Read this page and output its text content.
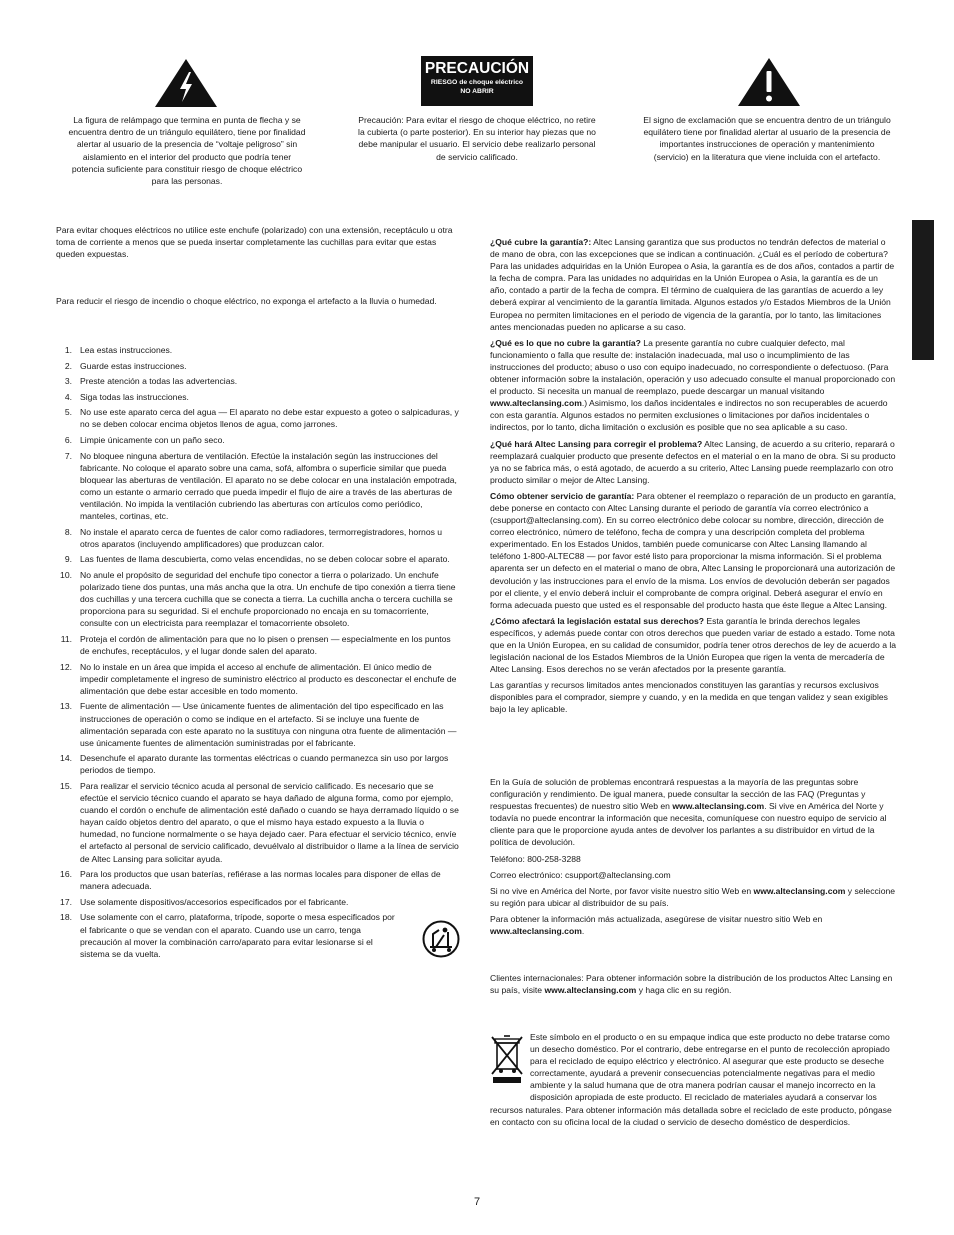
La figura de relámpago que termina en punta de flecha y se encuentra dentro de un triángulo equilátero, tiene por finalidad alertar al usuario de la presencia de “voltaje peligroso” sin aislamiento en el interior del producto que podría tener potencia suficiente para constituir riesgo de choque eléctrico para las personas.
PRECAUCIÓN
RIESGO de choque eléctrico
NO ABRIR
Precaución: Para evitar el riesgo de choque eléctrico, no retire la cubierta (o parte posterior). En su interior hay piezas que no debe manipular el usuario. El servicio debe realizarlo personal de servicio calificado.
El signo de exclamación que se encuentra dentro de un triángulo equilátero tiene por finalidad alertar al usuario de la presencia de importantes instrucciones de operación y mantenimiento (servicio) en la literatura que viene incluida con el artefacto.
Para evitar choques eléctricos no utilice este enchufe (polarizado) con una extensión, receptáculo u otra toma de corriente a menos que se pueda insertar completamente las cuchillas para evitar que estas queden expuestas.
Para reducir el riesgo de incendio o choque eléctrico, no exponga el artefacto a la lluvia o humedad.
1. Lea estas instrucciones.
2. Guarde estas instrucciones.
3. Preste atención a todas las advertencias.
4. Siga todas las instrucciones.
5. No use este aparato cerca del agua — El aparato no debe estar expuesto a goteo o salpicaduras, y no se deben colocar encima objetos llenos de agua, como jarrones.
6. Limpie únicamente con un paño seco.
7. No bloquee ninguna abertura de ventilación. Efectúe la instalación según las instrucciones del fabricante. No coloque el aparato sobre una cama, sofá, alfombra o superficie similar que pueda bloquear las aberturas de ventilación. El aparato no se debe colocar en una instalación empotrada, como un estante o armario cerrado que pueda impedir el flujo de aire a través de las aberturas de ventilación. No impida la ventilación cubriendo las aberturas con artículos como periódico, manteles, cortinas, etc.
8. No instale el aparato cerca de fuentes de calor como radiadores, termorregistradores, hornos u otros aparatos (incluyendo amplificadores) que produzcan calor.
9. Las fuentes de llama descubierta, como velas encendidas, no se deben colocar sobre el aparato.
10. No anule el propósito de seguridad del enchufe tipo conector a tierra o polarizado. Un enchufe polarizado tiene dos puntas, una más ancha que la otra. Un enchufe de tipo conexión a tierra tiene dos cuchillas y una tercera cuchilla que se conecta a tierra. La cuchilla ancha o tercera cuchilla se proporciona para su seguridad. Si el enchufe proporcionado no encaja en su tomacorriente, consulte con un electricista para reemplazar el tomacorriente obsoleto.
11. Proteja el cordón de alimentación para que no lo pisen o prensen — especialmente en los puntos de enchufes, receptáculos, y el lugar donde salen del aparato.
12. No lo instale en un área que impida el acceso al enchufe de alimentación. El único medio de impedir completamente el ingreso de suministro eléctrico al producto es desconectar el enchufe de alimentación que debe estar accesible en todo momento.
13. Fuente de alimentación — Use únicamente fuentes de alimentación del tipo especificado en las instrucciones de operación o como se indique en el artefacto. Si se incluye una fuente de alimentación separada con este aparato no la sustituya con ninguna otra fuente de alimentación — use únicamente fuentes de alimentación suministradas por el fabricante.
14. Desenchufe el aparato durante las tormentas eléctricas o cuando permanezca sin uso por largos periodos de tiempo.
15. Para realizar el servicio técnico acuda al personal de servicio calificado. Es necesario que se efectúe el servicio técnico cuando el aparato se haya dañado de alguna forma, como por ejemplo, cuando el cordón o enchufe de alimentación esté dañado o cuando se haya derramado líquido o se hayan caído objetos dentro del aparato, o que el mismo haya estado expuesto a la lluvia o humedad, no funcione normalmente o se haya dejado caer. Para efectuar el servicio técnico, envíe el artefacto al personal de servicio calificado, devuélvalo al distribuidor o llame a la línea de servicio de Altec Lansing para solicitar ayuda.
16. Para los productos que usan baterías, refiérase a las normas locales para disponer de ellas de manera adecuada.
17. Use solamente dispositivos/accesorios especificados por el fabricante.
18. Use solamente con el carro, plataforma, trípode, soporte o mesa especificados por el fabricante o que se vendan con el aparato. Cuando use un carro, tenga precaución al mover la combinación carro/aparato para evitar lesionarse si el sistema se da vuelta.

¿Qué cubre la garantía?: Altec Lansing garantiza que sus productos no tendrán defectos de material o de mano de obra, con las excepciones que se indican a continuación. ¿Cuál es el período de cobertura? Para las unidades adquiridas en la Unión Europea o Asia, la garantía es de dos años, contados a partir de la fecha de compra. Para las unidades no adquiridas en la Unión Europea o Asia, la garantía es de un año, contado a partir de la fecha de compra. El término de cualquiera de las garantías de acuerdo a ley deberá expirar al vencimiento de la garantía limitada. Algunos estados y/o Estados Miembros de la Unión Europea no permiten limitaciones en el periodo de vigencia de la garantía, por lo tanto, las limitaciones antes mencionadas pueden no aplicarse a su caso.

¿Qué es lo que no cubre la garantía? La presente garantía no cubre cualquier defecto, mal funcionamiento o falla que resulte de: instalación inadecuada, mal uso o incumplimiento de las instrucciones del producto; abuso o uso con equipo inadecuado, no correspondiente o defectuoso. (Para obtener información sobre la instalación, operación y uso adecuado consulte el manual proporcionado con el producto. Si necesita un manual de reemplazo, puede descargar un manual visitando www.alteclansing.com.) Asimismo, los daños incidentales e indirectos no son recuperables de acuerdo con esta garantía. Algunos estados no permiten exclusiones o limitaciones por daños incidentales o indirectos, por lo tanto, dicha limitación o exclusión es posible que no sea aplicable a su caso.

¿Qué hará Altec Lansing para corregir el problema? Altec Lansing, de acuerdo a su criterio, reparará o reemplazará cualquier producto que presente defectos en el material o en la mano de obra. Si su producto ya no se fabrica más, o está agotado, de acuerdo a su criterio, Altec Lansing puede reemplazarlo con otro producto similar o mejor de Altec Lansing.

Cómo obtener servicio de garantía: Para obtener el reemplazo o reparación de un producto en garantía, debe ponerse en contacto con Altec Lansing durante el periodo de garantía vía correo electrónico a (csupport@alteclansing.com). En su correo electrónico debe colocar su nombre, dirección, dirección de correo electrónico, número de teléfono, fecha de compra y una descripción completa del problema experimentado. En los Estados Unidos, también puede comunicarse con Altec Lansing llamando al teléfono 1-800-ALTEC88 — por favor esté listo para proporcionar la misma información. Si el problema aparenta ser un defecto en el material o mano de obra, Altec Lansing le proporcionará una autorización de devolución y las instrucciones para el envío de la misma. Los envíos de devolución deberán ser pagados por el cliente, y el envío deberá incluir el comprobante de compra original. Deberá asegurar el envío en forma adecuada puesto que usted es el responsable del producto hasta que éste llegue a Altec Lansing.

¿Cómo afectará la legislación estatal sus derechos? Esta garantía le brinda derechos legales específicos, y además puede contar con otros derechos que pueden variar de estado a estado. Tome nota que en la Unión Europea, en su calidad de consumidor, podría tener otros derechos de ley de acuerdo a la legislación nacional de los Estados Miembros de la Unión Europea que rigen la venta de mercadería de Altec Lansing. Esos derechos no se verán afectados por la presente garantía.

Las garantías y recursos limitados antes mencionados constituyen las garantías y recursos exclusivos disponibles para el comprador, siempre y cuando, y en la medida en que tengan validez y sean exigibles bajo la ley aplicable.

En la Guía de solución de problemas encontrará respuestas a la mayoría de las preguntas sobre configuración y rendimiento. De igual manera, puede consultar la sección de las FAQ (Preguntas y respuestas frecuentes) de nuestro sitio Web en www.alteclansing.com. Si vive en América del Norte y todavía no puede encontrar la información que necesita, comuníquese con nuestro equipo de servicio al cliente para que le proporcione ayuda antes de devolver los parlantes a su distribuidor en virtud de la política de devolución.

Teléfono: 800-258-3288

Correo electrónico: csupport@alteclansing.com

Si no vive en América del Norte, por favor visite nuestro sitio Web en www.alteclansing.com y seleccione su región para ubicar al distribuidor de su país.

Para obtener la información más actualizada, asegúrese de visitar nuestro sitio Web en www.alteclansing.com.

Clientes internacionales: Para obtener información sobre la distribución de los productos Altec Lansing en su país, visite www.alteclansing.com y haga clic en su región.

Este símbolo en el producto o en su empaque indica que este producto no debe tratarse como un desecho doméstico. Por el contrario, debe entregarse en el punto de recolección apropiado para el reciclado de equipo eléctrico y electrónico. Al asegurar que este producto se deseche correctamente, ayudará a prevenir consecuencias potencialmente negativas para el medio ambiente y la salud humana que de otra manera podrían causar el manejo incorrecto en la disposición apropiada de este producto. El reciclado de materiales ayudará a conservar los recursos naturales. Para obtener información más detallada sobre el reciclado de este producto, póngase en contacto con su oficina local de la ciudad o servicio de desecho doméstico de desperdicios.
7
